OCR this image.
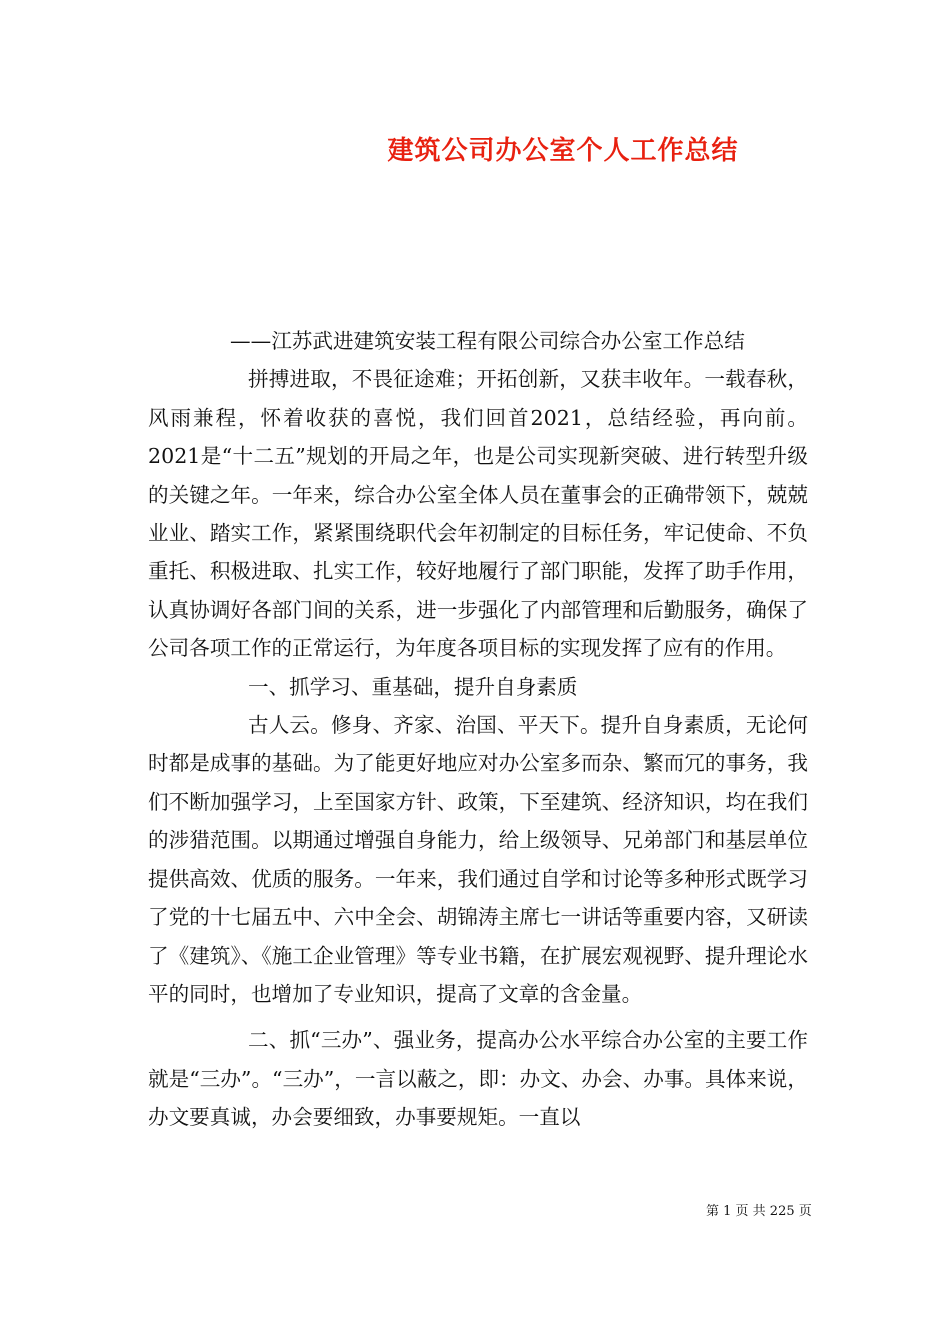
建筑公司办公室个人工作总结

——江苏武进建筑安装工程有限公司综合办公室工作总结

拼搏进取，不畏征途难；开拓创新，又获丰收年。一载春秋，风雨兼程，怀着收获的喜悦，我们回首2021，总结经验，再向前。2021是“十二五”规划的开局之年，也是公司实现新突破、进行转型升级的关键之年。一年来，综合办公室全体人员在董事会的正确带领下，兢兢业业、踏实工作，紧紧围绕职代会年初制定的目标任务，牢记使命、不负重托、积极进取、扎实工作，较好地履行了部门职能，发挥了助手作用，认真协调好各部门间的关系，进一步强化了内部管理和后勤服务，确保了公司各项工作的正常运行，为年度各项目标的实现发挥了应有的作用。

一、抓学习、重基础，提升自身素质

古人云。修身、齐家、治国、平天下。提升自身素质，无论何时都是成事的基础。为了能更好地应对办公室多而杂、繁而冗的事务，我们不断加强学习，上至国家方针、政策，下至建筑、经济知识，均在我们的涉猎范围。以期通过增强自身能力，给上级领导、兄弟部门和基层单位提供高效、优质的服务。一年来，我们通过自学和讨论等多种形式既学习了党的十七届五中、六中全会、胡锦涛主席七一讲话等重要内容，又研读了《建筑》、《施工企业管理》等专业书籍，在扩展宏观视野、提升理论水平的同时，也增加了专业知识，提高了文章的含金量。

二、抓“三办”、强业务，提高办公水平综合办公室的主要工作就是“三办”。“三办”，一言以蔽之，即：办文、办会、办事。具体来说，办文要真诚，办会要细致，办事要规矩。一直以

第 1 页 共 225 页
